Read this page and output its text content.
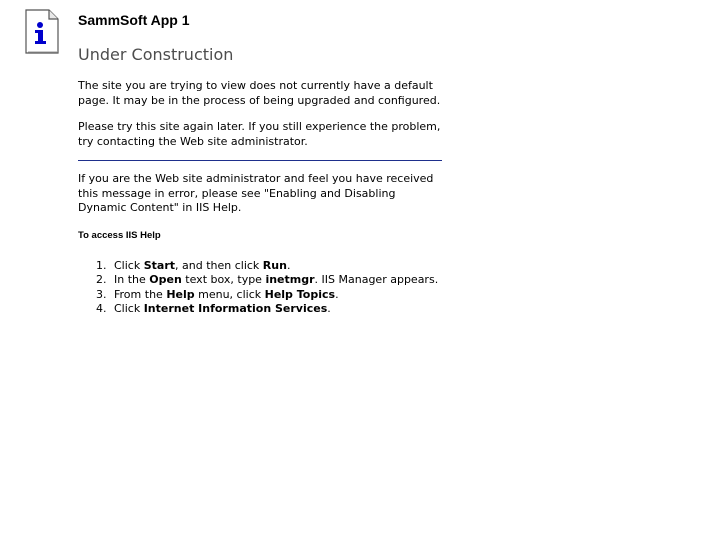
SammSoft App 1
Under Construction

The site you are trying to view does not currently have a default page. It may be in the process of being upgraded and configured.

Please try this site again later. If you still experience the problem, try contacting the Web site administrator.

If you are the Web site administrator and feel you have received this message in error, please see "Enabling and Disabling Dynamic Content" in IIS Help.

To access IIS Help
1. Click Start, and then click Run.
2. In the Open text box, type inetmgr. IIS Manager appears.
3. From the Help menu, click Help Topics.
4. Click Internet Information Services.
